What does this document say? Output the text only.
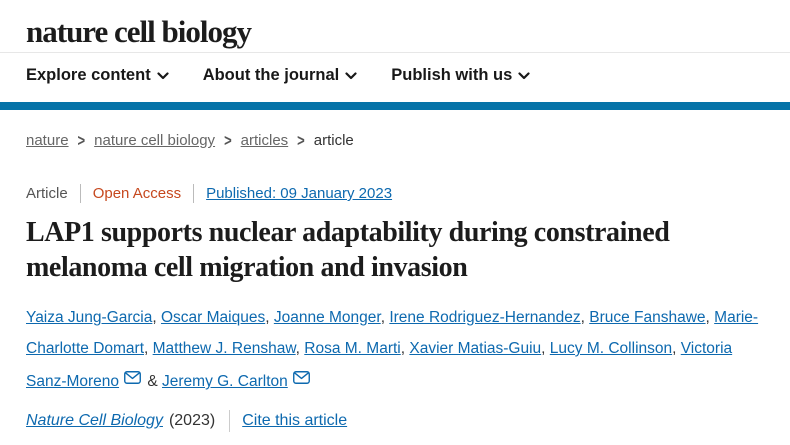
nature cell biology
Explore content	About the journal	Publish with us
nature > nature cell biology > articles > article
Article Open Access Published: 09 January 2023
LAP1 supports nuclear adaptability during constrained melanoma cell migration and invasion

Yaiza Jung-Garcia, Oscar Maiques, Joanne Monger, Irene Rodriguez-Hernandez, Bruce Fanshawe, Marie-Charlotte Domart, Matthew J. Renshaw, Rosa M. Marti, Xavier Matias-Guiu, Lucy M. Collinson, Victoria Sanz-Moreno & Jeremy G. Carlton

Nature Cell Biology (2023) Cite this article
